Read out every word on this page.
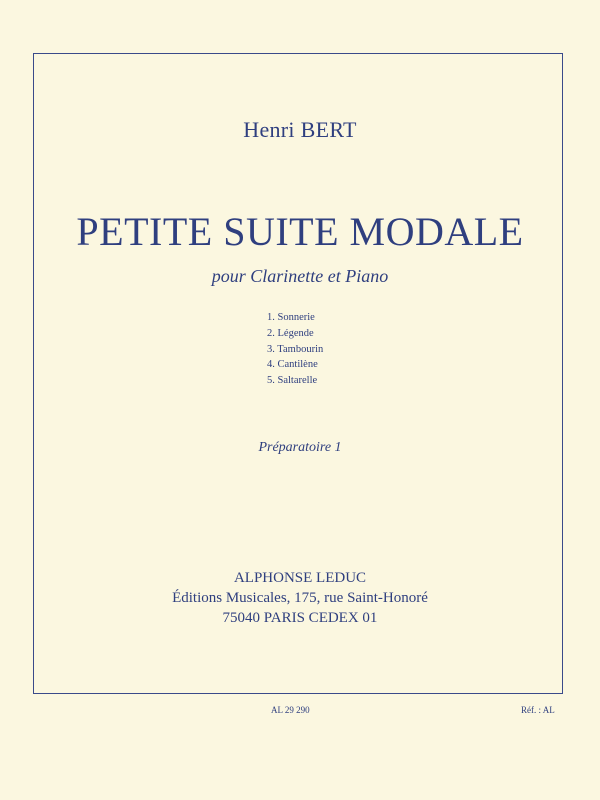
Henri BERT
PETITE SUITE MODALE
pour Clarinette et Piano
1. Sonnerie
2. Légende
3. Tambourin
4. Cantilène
5. Saltarelle
Préparatoire 1
ALPHONSE LEDUC
Éditions Musicales, 175, rue Saint-Honoré
75040 PARIS CEDEX 01
AL 29 290	Réf. : AL
